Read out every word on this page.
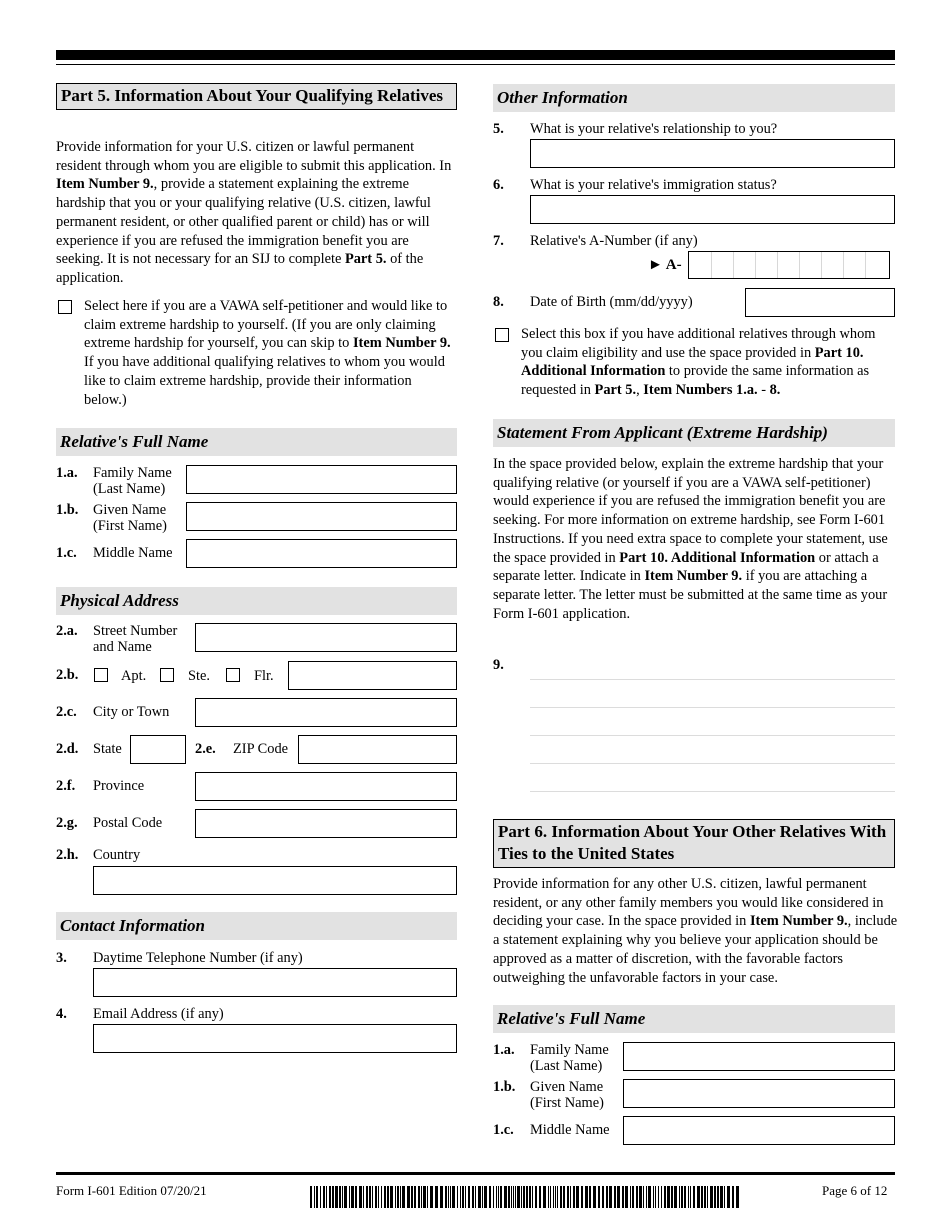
Part 5. Information About Your Qualifying Relatives
Provide information for your U.S. citizen or lawful permanent resident through whom you are eligible to submit this application. In Item Number 9., provide a statement explaining the extreme hardship that you or your qualifying relative (U.S. citizen, lawful permanent resident, or other qualified parent or child) has or will experience if you are refused the immigration benefit you are seeking. It is not necessary for an SIJ to complete Part 5. of the application.
Select here if you are a VAWA self-petitioner and would like to claim extreme hardship to yourself. (If you are only claiming extreme hardship for yourself, you can skip to Item Number 9. If you have additional qualifying relatives to whom you would like to claim extreme hardship, provide their information below.)
Relative's Full Name
1.a. Family Name
(Last Name)
1.b. Given Name
(First Name)
1.c. Middle Name
Physical Address
2.a. Street Number
and Name
2.b.	Apt.	Ste.	Flr.
2.c. City or Town
2.d. State	2.e. ZIP Code
2.f. Province
2.g. Postal Code
2.h. Country
Contact Information
3. Daytime Telephone Number (if any)
4. Email Address (if any)
Other Information
5. What is your relative's relationship to you?
6. What is your relative's immigration status?
7. Relative's A-Number (if any)
► A-
8. Date of Birth (mm/dd/yyyy)
Select this box if you have additional relatives through whom you claim eligibility and use the space provided in Part 10. Additional Information to provide the same information as requested in Part 5., Item Numbers 1.a. - 8.
Statement From Applicant (Extreme Hardship)
In the space provided below, explain the extreme hardship that your qualifying relative (or yourself if you are a VAWA self-petitioner) would experience if you are refused the immigration benefit you are seeking. For more information on extreme hardship, see Form I-601 Instructions. If you need extra space to complete your statement, use the space provided in Part 10. Additional Information or attach a separate letter. Indicate in Item Number 9. if you are attaching a separate letter. The letter must be submitted at the same time as your Form I-601 application.
9.
Part 6. Information About Your Other Relatives With Ties to the United States
Provide information for any other U.S. citizen, lawful permanent resident, or any other family members you would like considered in deciding your case. In the space provided in Item Number 9., include a statement explaining why you believe your application should be approved as a matter of discretion, with the favorable factors outweighing the unfavorable factors in your case.
Relative's Full Name
1.a. Family Name
(Last Name)
1.b. Given Name
(First Name)
1.c. Middle Name
Form I-601 Edition 07/20/21	Page 6 of 12
